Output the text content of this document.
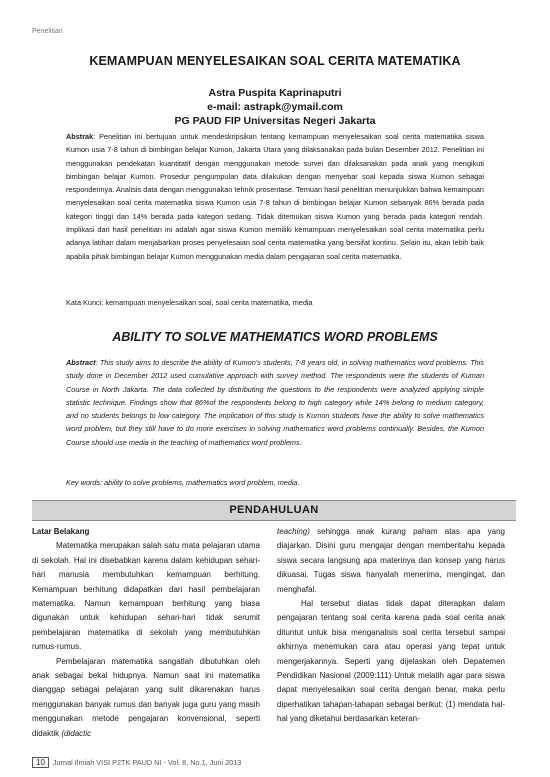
Penelitian
KEMAMPUAN MENYELESAIKAN SOAL CERITA MATEMATIKA
Astra Puspita Kaprinaputri
e-mail: astrapk@ymail.com
PG PAUD FIP Universitas Negeri Jakarta
Abstrak: Penelitian ini bertujuan untuk mendeskripsikan tentang kemampuan menyelesaikan soal cerita matematika siswa Kumon usia 7-8 tahun di bimbingan belajar Kumon, Jakarta Utara yang dilaksanakan pada bulan Desember 2012. Penelitian ini menggunakan pendekatan kuantitatif dengan menggunakan metode survei dan dilaksanakan pada anak yang mengikuti bimbingan belajar Kumon. Prosedur pengumpulan data dilakukan dengan menyebar soal kepada siswa Kumon sebagai respondennya. Analisis data dengan menggunakan tehnik prosentase. Temuan hasil penelitian menunjukkan bahwa kemampuan menyelesaikan soal cerita matematika siswa Kumon usia 7-8 tahun di bimbingan belajar Kumon sebanyak 86% berada pada kategori tinggi dan 14% berada pada kategori sedang. Tidak ditemukan siswa Kumon yang berada pada kategori rendah. Implikasi dari hasil penelitian ini adalah agar siswa Kumon memiliki kemampuan menyelesaikan soal cerita matematika perlu adanya latihan dalam menjabarkan proses penyelesaian soal cerita matematika yang bersifat kontinu. Selain itu, akan lebih baik apabila pihak bimbingan belajar Kumon menggunakan media dalam pengajaran soal cerita matematika.
Kata Kunci: kemampuan menyelesaikan soal, soal cerita matematika, media
ABILITY TO SOLVE MATHEMATICS WORD PROBLEMS
Abstract: This study aims to describe the ability of Kumon's students, 7-8 years old, in solving mathematics word problems. This study done in December 2012 used cumulative approach with survey method. The respondents were the students of Kuman Course in North Jakarta. The data collected by distributing the questions to the respondents were analyzed applying simple statistic technique. Findings show that 86%of the respondents belong to high category while 14% belong to medium category, and no students belongs to low category. The implication of this study is Kumon students have the ability to solve mathematics word problem, but they still have to do more exercises in solving mathematics word problems continually. Besides, the Kumon Course should use media in the teaching of mathematics word problems.
Key words: ability to solve problems, mathematics word problem, media.
PENDAHULUAN

Latar Belakang

Matematika merupakan salah satu mata pelajaran utama di sekolah. Hal ini disebabkan karena dalam kehidupan sehari-hari manusia membutuhkan kemampuan berhitung. Kemampuan berhitung didapatkan dari hasil pembelajaran matematika. Namun kemampuan berhitung yang biasa digunakan untuk kehidupan sehari-hari tidak serumit pembelajaran matematika di sekolah yang membutuhkan rumus-rumus.

Pembelajaran matematika sangatlah dibutuhkan oleh anak sebagai bekal hidupnya. Namun saat ini matematika dianggap sebagai pelajaran yang sulit dikarenakan harus menggunakan banyak rumus dan banyak juga guru yang masih menggunakan metode pengajaran konvensional, seperti didaktik (didactic

teaching) sehingga anak kurang paham atas apa yang diajarkan. Disini guru mengajar dengan memberitahu kepada siswa secara langsung apa materinya dan konsep yang harus dikuasai. Tugas siswa hanyalah menerima, mengingat, dan menghafal.

Hal tersebut diatas tidak dapat diterapkan dalam pengajaran tentang soal cerita karena pada soal cerita anak dituntut untuk bisa menganalisis soal cerita tersebut sampai akhirnya menemukan cara atau operasi yang tepat untuk mengerjakannya. Seperti yang dijelaskan oleh Depatemen Pendidikan Nasional (2009:111) Untuk melatih agar para siswa dapat menyelesaikan soal cerita dengan benar, maka perlu diperhatikan tahapan-tahapan sebagai berikut: (1) mendata hal-hal yang diketahui berdasarkan keteran-

10	Jurnal Ilmiah VISI P2TK PAUD NI - Vol. 8, No.1, Juni 2013
